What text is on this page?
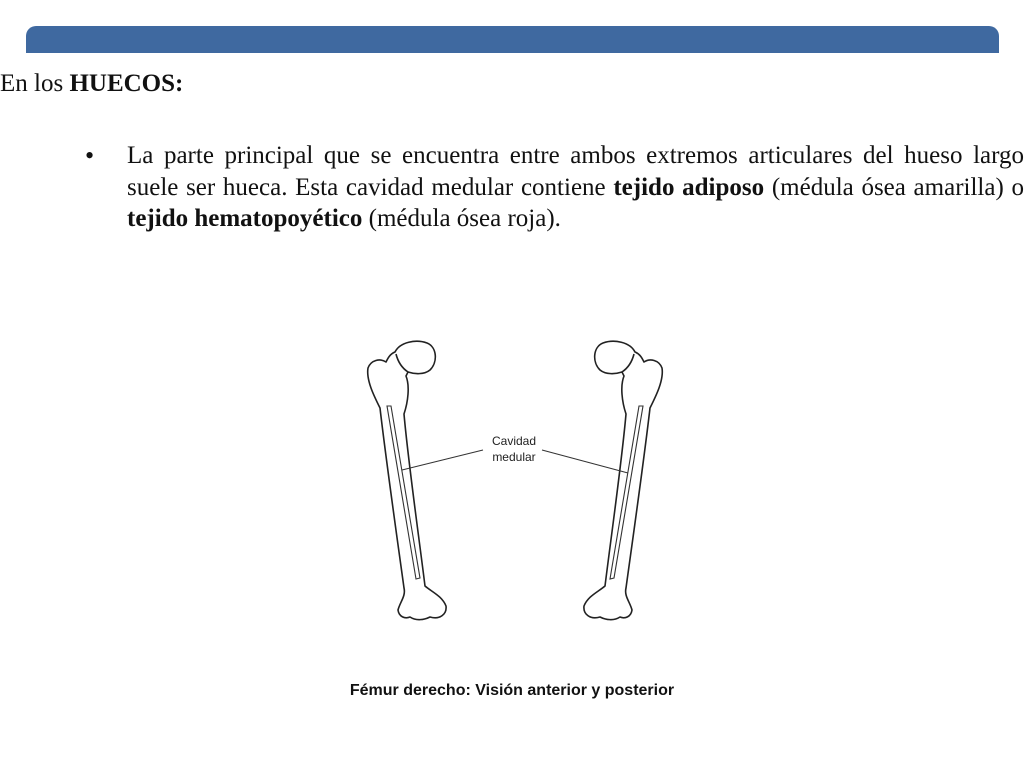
En los HUECOS:
• La parte principal que se encuentra entre ambos extremos articulares del hueso largo suele ser hueca. Esta cavidad medular contiene tejido adiposo (médula ósea amarilla) o tejido hematopoyético (médula ósea roja).
Cavidad
medular
Fémur derecho: Visión anterior y posterior
